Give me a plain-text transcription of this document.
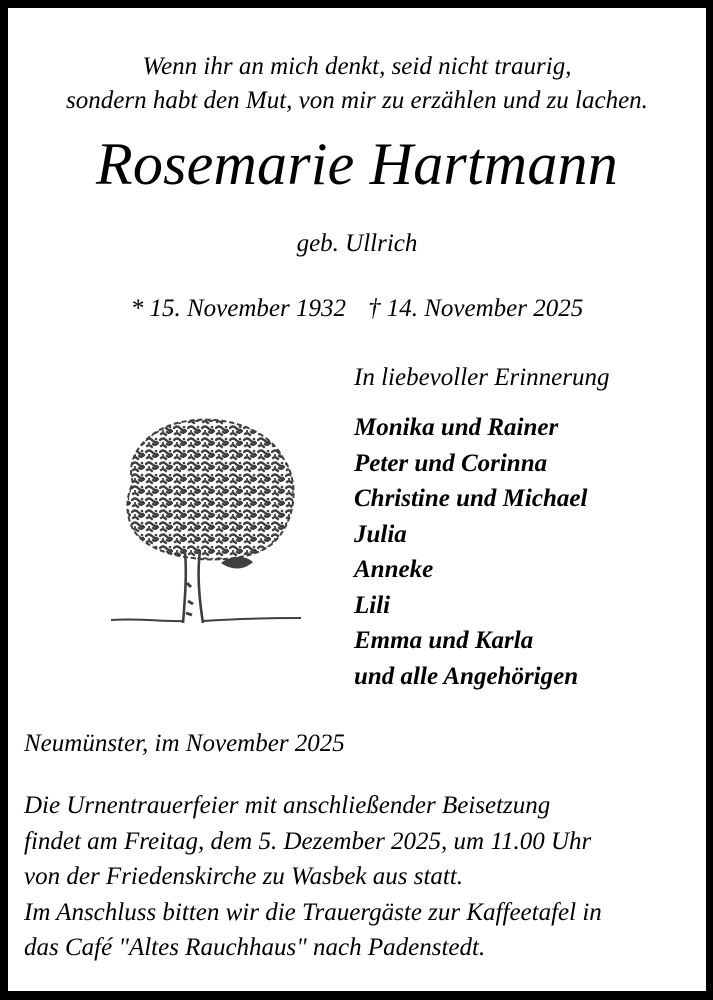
Wenn ihr an mich denkt, seid nicht traurig,
sondern habt den Mut, von mir zu erzählen und zu lachen.
Rosemarie Hartmann
geb. Ullrich
* 15. November 1932 † 14. November 2025
In liebevoller Erinnerung
Monika und Rainer
Peter und Corinna
Christine und Michael
Julia
Anneke
Lili
Emma und Karla
und alle Angehörigen
Neumünster, im November 2025
Die Urnentrauerfeier mit anschließender Beisetzung
findet am Freitag, dem 5. Dezember 2025, um 11.00 Uhr
von der Friedenskirche zu Wasbek aus statt.
Im Anschluss bitten wir die Trauergäste zur Kaffeetafel in
das Café "Altes Rauchhaus" nach Padenstedt.
